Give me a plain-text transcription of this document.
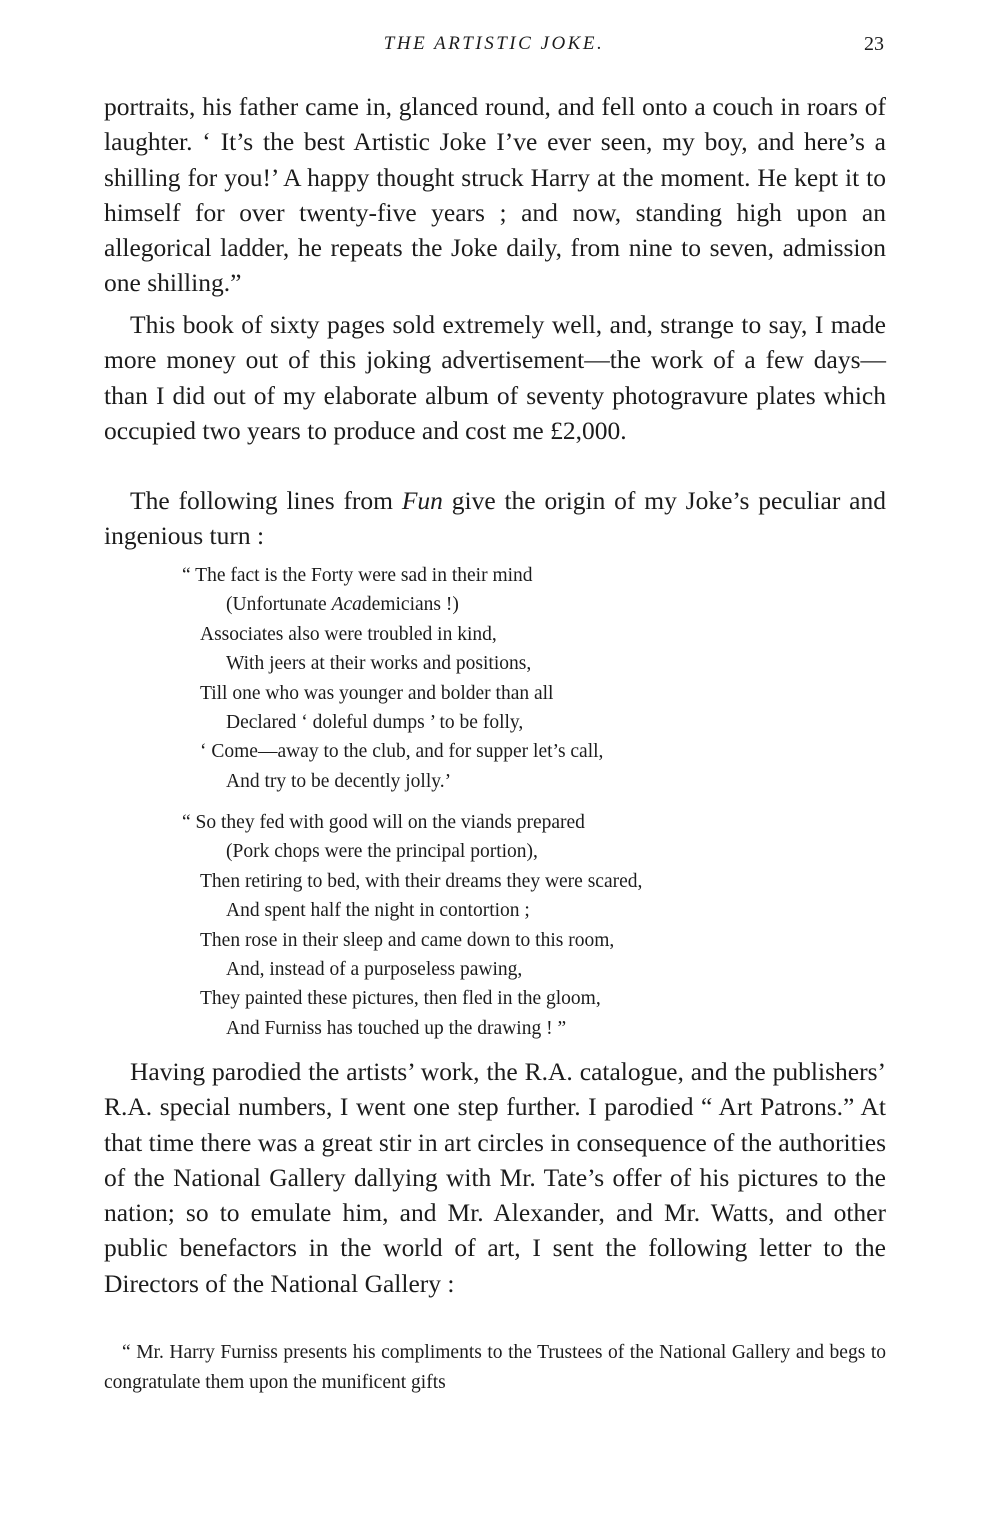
THE ARTISTIC JOKE.	23

portraits, his father came in, glanced round, and fell onto a couch in roars of laughter. ‘ It’s the best Artistic Joke I’ve ever seen, my boy, and here’s a shilling for you!’ A happy thought struck Harry at the moment. He kept it to himself for over twenty-five years ; and now, standing high upon an allegorical ladder, he repeats the Joke daily, from nine to seven, admission one shilling.”

This book of sixty pages sold extremely well, and, strange to say, I made more money out of this joking advertisement—the work of a few days—than I did out of my elaborate album of seventy photogravure plates which occupied two years to produce and cost me £2,000.

The following lines from Fun give the origin of my Joke’s peculiar and ingenious turn :

“ The fact is the Forty were sad in their mind
(Unfortunate Academicians !)
Associates also were troubled in kind,
With jeers at their works and positions,
Till one who was younger and bolder than all
Declared ‘ doleful dumps ’ to be folly,
‘ Come—away to the club, and for supper let’s call,
And try to be decently jolly.’
“ So they fed with good will on the viands prepared
(Pork chops were the principal portion),
Then retiring to bed, with their dreams they were scared,
And spent half the night in contortion ;
Then rose in their sleep and came down to this room,
And, instead of a purposeless pawing,
They painted these pictures, then fled in the gloom,
And Furniss has touched up the drawing ! ”

Having parodied the artists’ work, the R.A. catalogue, and the publishers’ R.A. special numbers, I went one step further. I parodied “ Art Patrons.” At that time there was a great stir in art circles in consequence of the authorities of the National Gallery dallying with Mr. Tate’s offer of his pictures to the nation; so to emulate him, and Mr. Alexander, and Mr. Watts, and other public benefactors in the world of art, I sent the following letter to the Directors of the National Gallery :

“ Mr. Harry Furniss presents his compliments to the Trustees of the National Gallery and begs to congratulate them upon the munificent gifts
